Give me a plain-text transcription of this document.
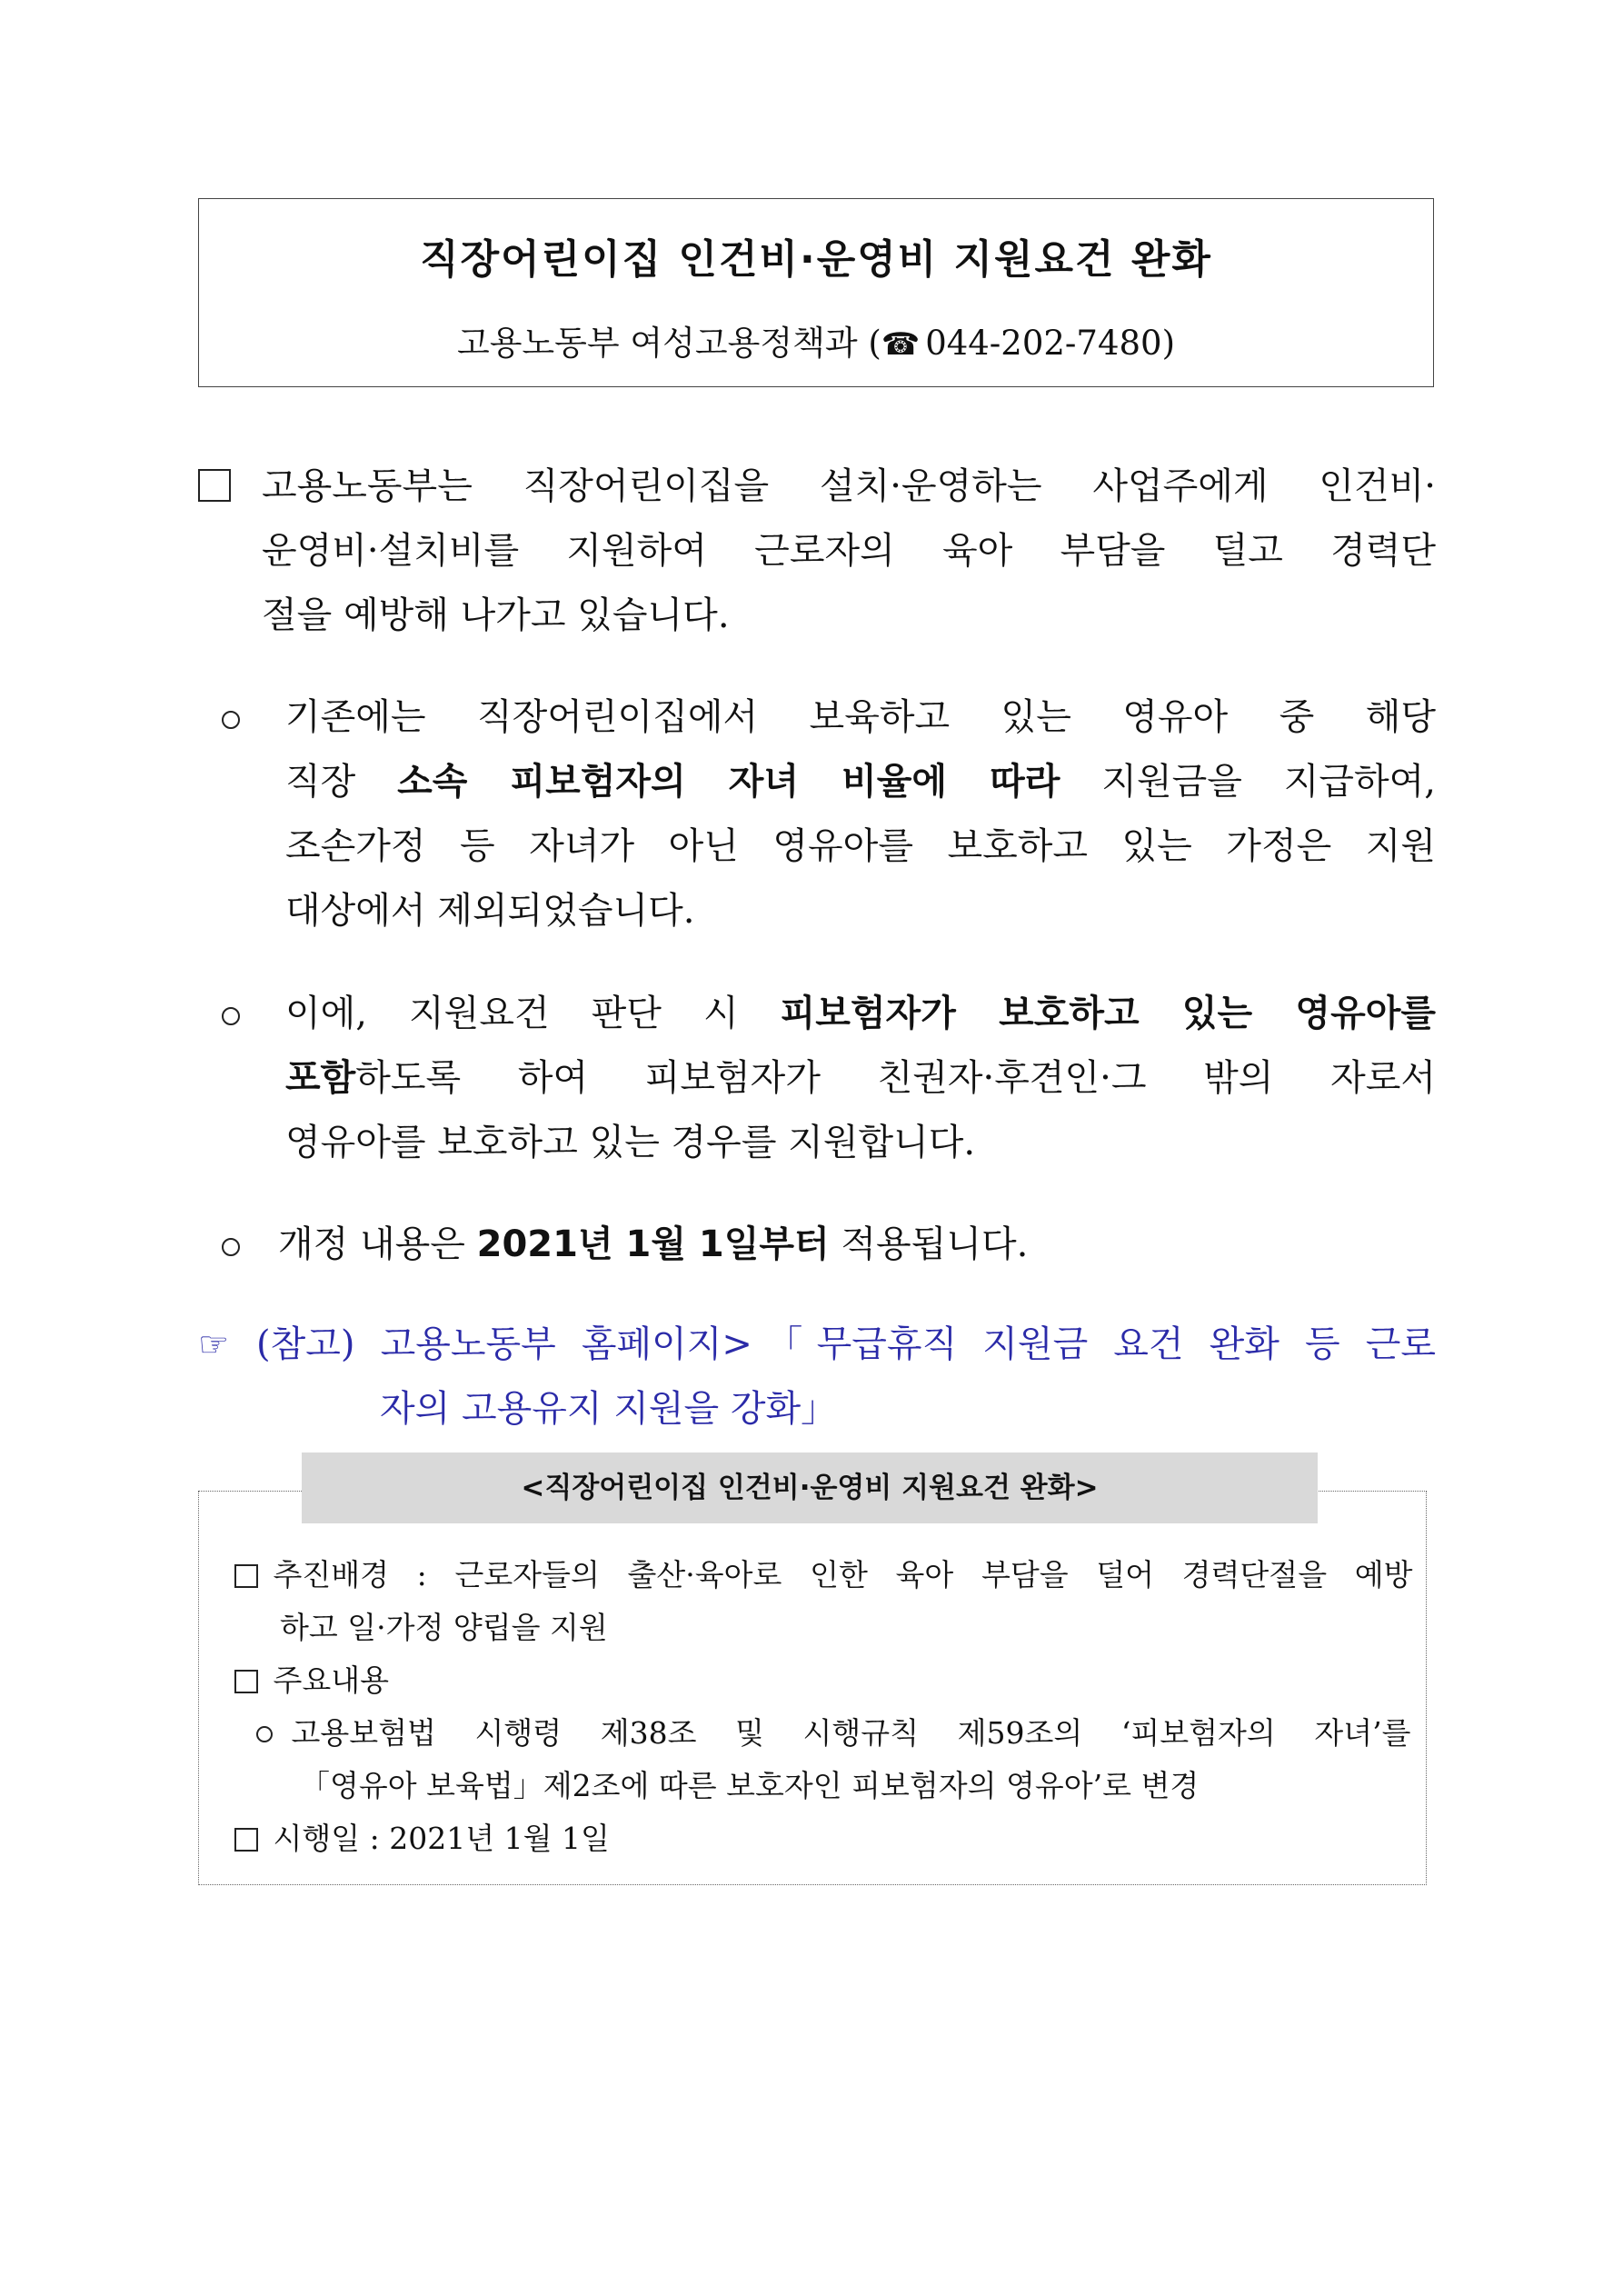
직장어린이집 인건비·운영비 지원요건 완화
고용노동부 여성고용정책과 (☎ 044-202-7480)
고용노동부는 직장어린이집을 설치·운영하는 사업주에게 인건비·
운영비·설치비를 지원하여 근로자의 육아 부담을 덜고 경력단
절을 예방해 나가고 있습니다.
기존에는 직장어린이집에서 보육하고 있는 영유아 중 해당
직장 소속 피보험자의 자녀 비율에 따라 지원금을 지급하여,
조손가정 등 자녀가 아닌 영유아를 보호하고 있는 가정은 지원
대상에서 제외되었습니다.
이에, 지원요건 판단 시 피보험자가 보호하고 있는 영유아를
포함하도록 하여 피보험자가 친권자·후견인·그 밖의 자로서
영유아를 보호하고 있는 경우를 지원합니다.
개정 내용은 2021년 1월 1일부터 적용됩니다.
☞ (참고) 고용노동부 홈페이지>「무급휴직 지원금 요건 완화 등 근로
자의 고용유지 지원을 강화」
<직장어린이집 인건비·운영비 지원요건 완화>
추진배경 : 근로자들의 출산·육아로 인한 육아 부담을 덜어 경력단절을 예방
하고 일·가정 양립을 지원
주요내용
고용보험법 시행령 제38조 및 시행규칙 제59조의 ‘피보험자의 자녀’를
「영유아 보육법」제2조에 따른 보호자인 피보험자의 영유아’로 변경
시행일 : 2021년 1월 1일
